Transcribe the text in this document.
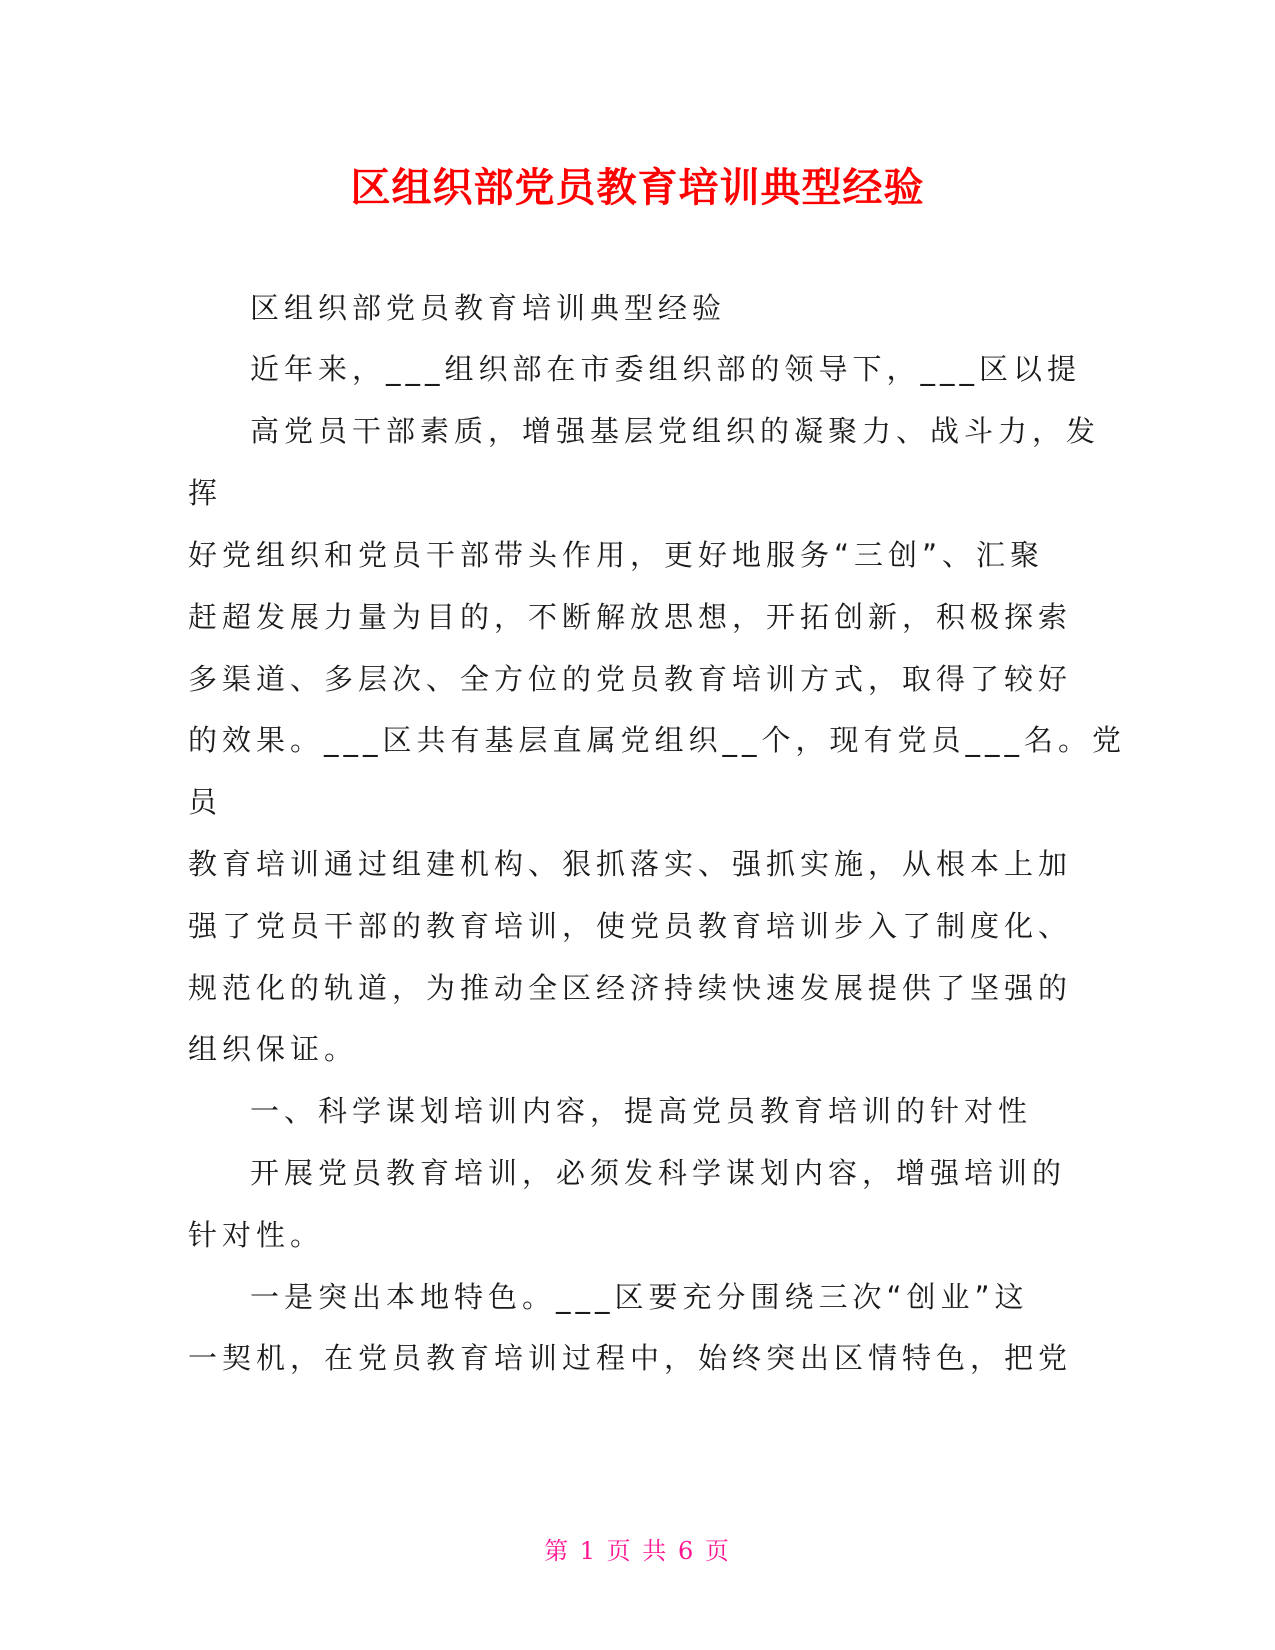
区组织部党员教育培训典型经验

区组织部党员教育培训典型经验

近年来，___组织部在市委组织部的领导下，___区以提

高党员干部素质，增强基层党组织的凝聚力、战斗力，发

挥

好党组织和党员干部带头作用，更好地服务“三创”、汇聚

赶超发展力量为目的，不断解放思想，开拓创新，积极探索

多渠道、多层次、全方位的党员教育培训方式，取得了较好

的效果。___区共有基层直属党组织__个，现有党员___名。党

员

教育培训通过组建机构、狠抓落实、强抓实施，从根本上加

强了党员干部的教育培训，使党员教育培训步入了制度化、

规范化的轨道，为推动全区经济持续快速发展提供了坚强的

组织保证。

一、科学谋划培训内容，提高党员教育培训的针对性

开展党员教育培训，必须发科学谋划内容，增强培训的

针对性。

一是突出本地特色。___区要充分围绕三次“创业”这

一契机，在党员教育培训过程中，始终突出区情特色，把党

第 1 页 共 6 页
